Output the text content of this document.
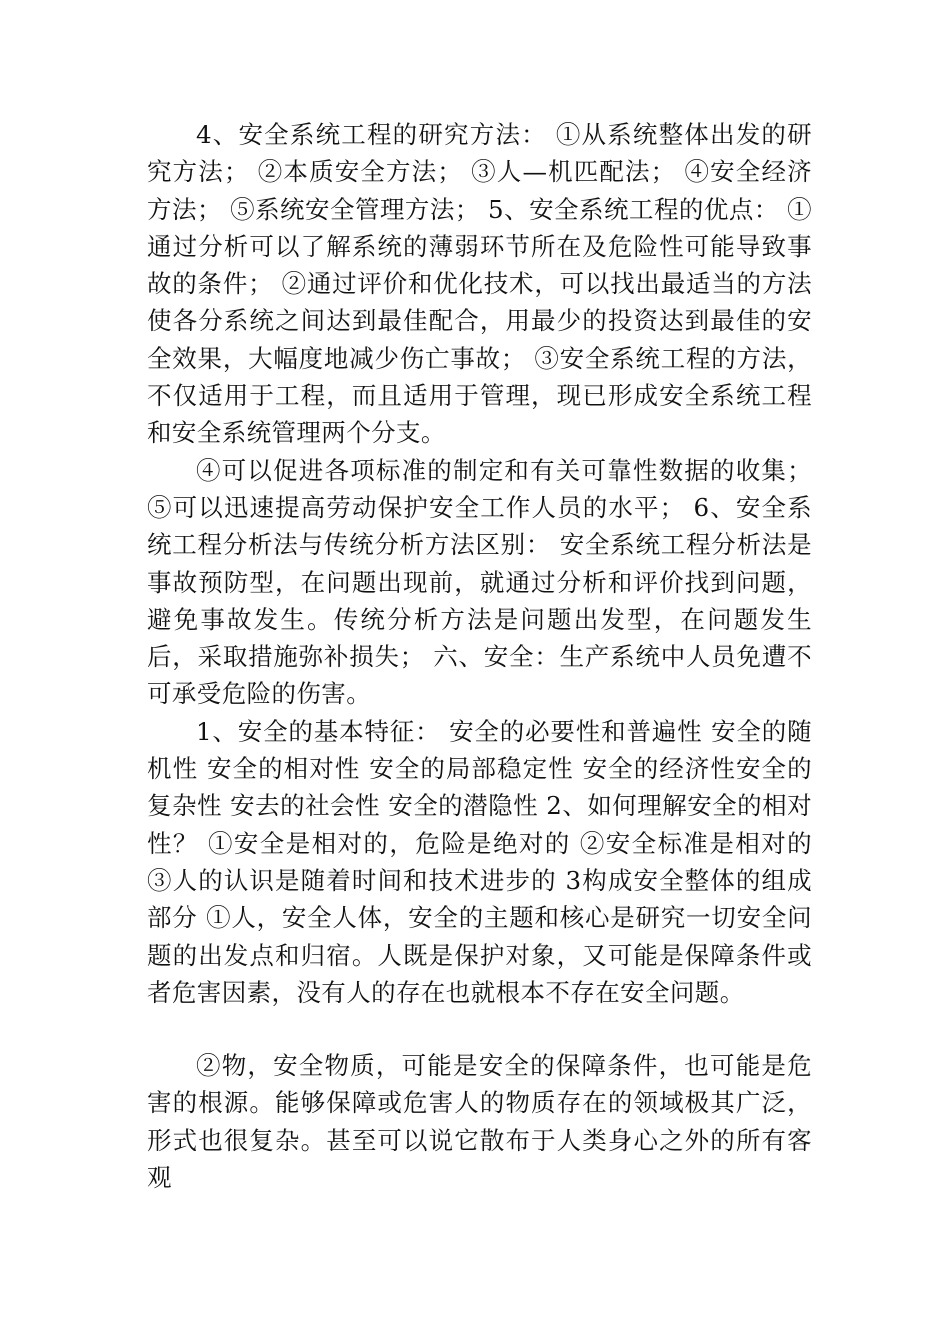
4、安全系统工程的研究方法： ①从系统整体出发的研究方法； ②本质安全方法； ③人—机匹配法； ④安全经济方法； ⑤系统安全管理方法； 5、安全系统工程的优点： ①通过分析可以了解系统的薄弱环节所在及危险性可能导致事故的条件； ②通过评价和优化技术，可以找出最适当的方法使各分系统之间达到最佳配合，用最少的投资达到最佳的安全效果，大幅度地减少伤亡事故； ③安全系统工程的方法，不仅适用于工程，而且适用于管理，现已形成安全系统工程和安全系统管理两个分支。

④可以促进各项标准的制定和有关可靠性数据的收集； ⑤可以迅速提高劳动保护安全工作人员的水平； 6、安全系统工程分析法与传统分析方法区别： 安全系统工程分析法是事故预防型，在问题出现前，就通过分析和评价找到问题，避免事故发生。传统分析方法是问题出发型，在问题发生后，采取措施弥补损失； 六、安全：生产系统中人员免遭不可承受危险的伤害。

1、安全的基本特征： 安全的必要性和普遍性 安全的随机性 安全的相对性 安全的局部稳定性 安全的经济性安全的复杂性 安去的社会性 安全的潜隐性 2、如何理解安全的相对性？ ①安全是相对的，危险是绝对的 ②安全标准是相对的 ③人的认识是随着时间和技术进步的 3构成安全整体的组成部分 ①人，安全人体，安全的主题和核心是研究一切安全问题的出发点和归宿。人既是保护对象，又可能是保障条件或者危害因素，没有人的存在也就根本不存在安全问题。

②物，安全物质，可能是安全的保障条件，也可能是危害的根源。能够保障或危害人的物质存在的领域极其广泛，形式也很复杂。甚至可以说它散布于人类身心之外的所有客观
